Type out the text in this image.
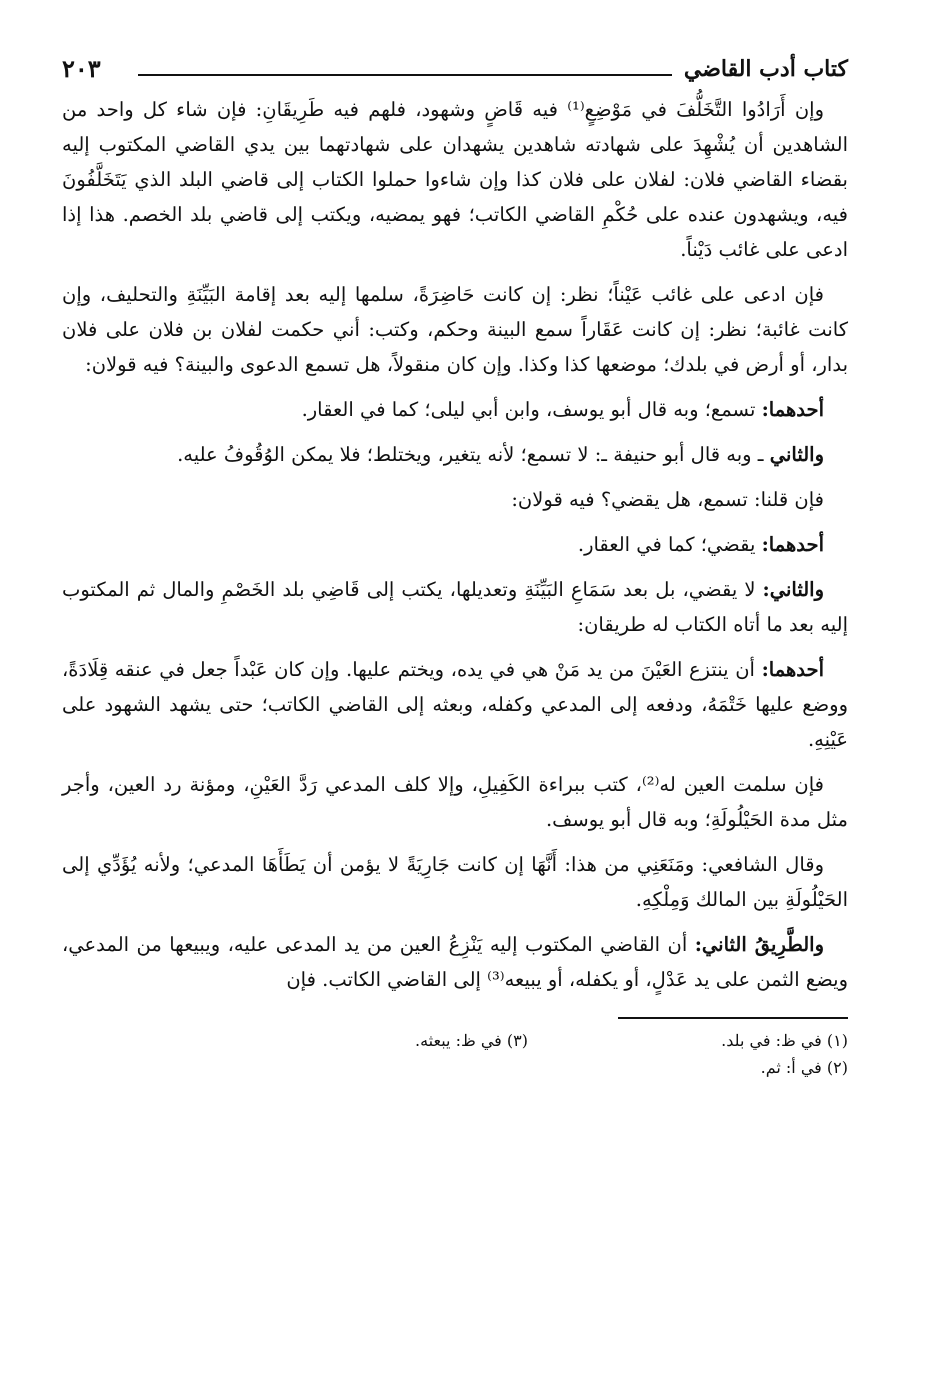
كتاب أدب القاضي
٢٠٣

وإن أَرَادُوا التَّخَلُّفَ في مَوْضِعٍ⁽¹⁾ فيه قَاضٍ وشهود، فلهم فيه طَرِيقَانِ: فإن شاء كل واحد من الشاهدين أن يُشْهِدَ على شهادته شاهدين يشهدان على شهادتهما بين يدي القاضي المكتوب إليه بقضاء القاضي فلان: لفلان على فلان كذا وإن شاءوا حملوا الكتاب إلى قاضي البلد الذي يَتَخَلَّفُونَ فيه، ويشهدون عنده على حُكْمِ القاضي الكاتب؛ فهو يمضيه، ويكتب إلى قاضي بلد الخصم. هذا إذا ادعى على غائب دَيْناً.

فإن ادعى على غائب عَيْناً؛ نظر: إن كانت حَاضِرَةً، سلمها إليه بعد إقامة البَيِّنَةِ والتحليف، وإن كانت غائبة؛ نظر: إن كانت عَقَاراً سمع البينة وحكم، وكتب: أني حكمت لفلان بن فلان على فلان بدار، أو أرض في بلدك؛ موضعها كذا وكذا. وإن كان منقولاً، هل تسمع الدعوى والبينة؟ فيه قولان:

أحدهما: تسمع؛ وبه قال أبو يوسف، وابن أبي ليلى؛ كما في العقار.

والثاني ـ وبه قال أبو حنيفة ـ: لا تسمع؛ لأنه يتغير، ويختلط؛ فلا يمكن الوُقُوفُ عليه.

فإن قلنا: تسمع، هل يقضي؟ فيه قولان:

أحدهما: يقضي؛ كما في العقار.

والثاني: لا يقضي، بل بعد سَمَاعِ البَيِّنَةِ وتعديلها، يكتب إلى قَاضِي بلد الخَصْمِ والمال ثم المكتوب إليه بعد ما أتاه الكتاب له طريقان:

أحدهما: أن ينتزع العَيْنَ من يد مَنْ هي في يده، ويختم عليها. وإن كان عَبْداً جعل في عنقه قِلَادَةً، ووضع عليها خَتْمَهُ، ودفعه إلى المدعي وكفله، وبعثه إلى القاضي الكاتب؛ حتى يشهد الشهود على عَيْنِهِ.

فإن سلمت العين له⁽²⁾، كتب ببراءة الكَفِيلِ، وإلا كلف المدعي رَدَّ العَيْنِ، ومؤنة رد العين، وأجر مثل مدة الحَيْلُولَةِ؛ وبه قال أبو يوسف.

وقال الشافعي: ومَنَعَنِي من هذا: أَنَّهَا إن كانت جَارِيَةً لا يؤمن أن يَطَأَهَا المدعي؛ ولأنه يُؤَدِّي إلى الحَيْلُولَةِ بين المالك وَمِلْكِهِ.

والطَّرِيقُ الثاني: أن القاضي المكتوب إليه يَنْزِعُ العين من يد المدعى عليه، ويبيعها من المدعي، ويضع الثمن على يد عَدْلٍ، أو يكفله، أو يبيعه⁽³⁾ إلى القاضي الكاتب. فإن

(١) في ظ: في بلد.
(٣) في ظ: يبعثه.
(٢) في أ: ثم.
